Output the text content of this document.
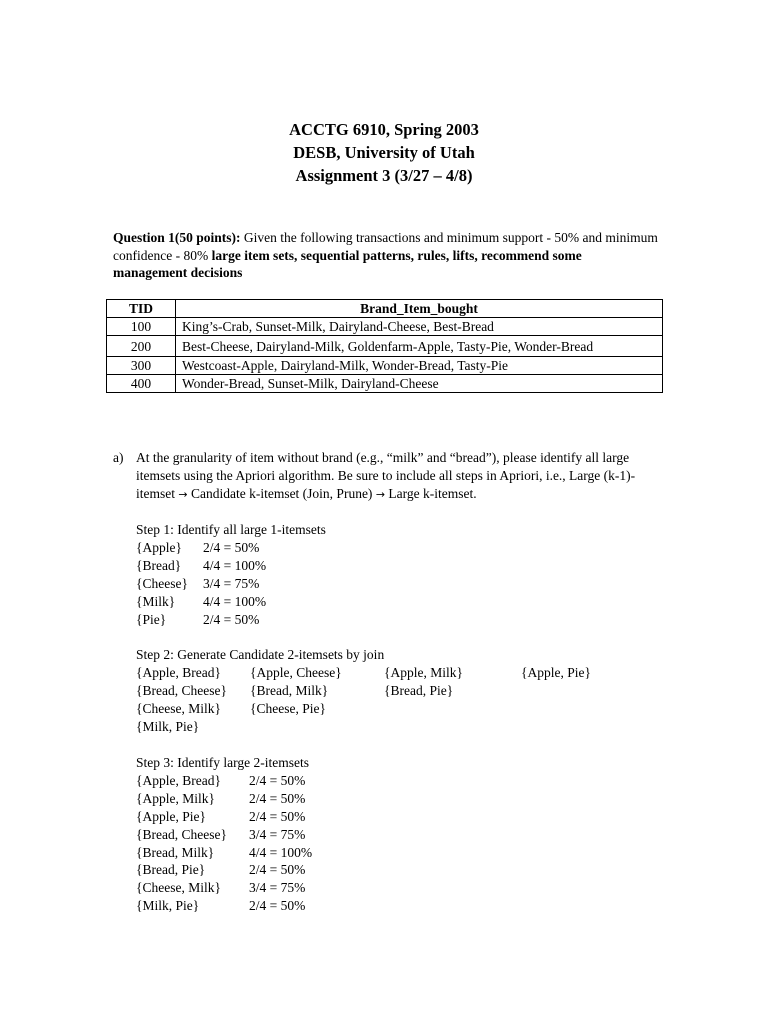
ACCTG 6910, Spring 2003
DESB, University of Utah
Assignment 3 (3/27 – 4/8)
Question 1(50 points): Given the following transactions and minimum support - 50% and minimum confidence - 80% large item sets, sequential patterns, rules, lifts, recommend some management decisions
TID	Brand_Item_bought
100	King’s-Crab, Sunset-Milk, Dairyland-Cheese, Best-Bread
200	Best-Cheese, Dairyland-Milk, Goldenfarm-Apple, Tasty-Pie, Wonder-Bread
300	Westcoast-Apple, Dairyland-Milk, Wonder-Bread, Tasty-Pie
400	Wonder-Bread, Sunset-Milk, Dairyland-Cheese
a) At the granularity of item without brand (e.g., “milk” and “bread”), please identify all large itemsets using the Apriori algorithm. Be sure to include all steps in Apriori, i.e., Large (k-1)-itemset → Candidate k-itemset (Join, Prune) → Large k-itemset.
Step 1: Identify all large 1-itemsets
{Apple} 2/4 = 50%
{Bread} 4/4 = 100%
{Cheese} 3/4 = 75%
{Milk} 4/4 = 100%
{Pie}	2/4 = 50%
Step 2: Generate Candidate 2-itemsets by join
{Apple, Bread} {Apple, Cheese}	{Apple, Milk}	{Apple, Pie}
{Bread, Cheese} {Bread, Milk}	{Bread, Pie}
{Cheese, Milk} {Cheese, Pie}
{Milk, Pie}
Step 3: Identify large 2-itemsets
{Apple, Bread} 2/4 = 50%
{Apple, Milk}	2/4 = 50%
{Apple, Pie}	2/4 = 50%
{Bread, Cheese} 3/4 = 75%
{Bread, Milk}	4/4 = 100%
{Bread, Pie}	2/4 = 50%
{Cheese, Milk} 3/4 = 75%
{Milk, Pie}	2/4 = 50%
